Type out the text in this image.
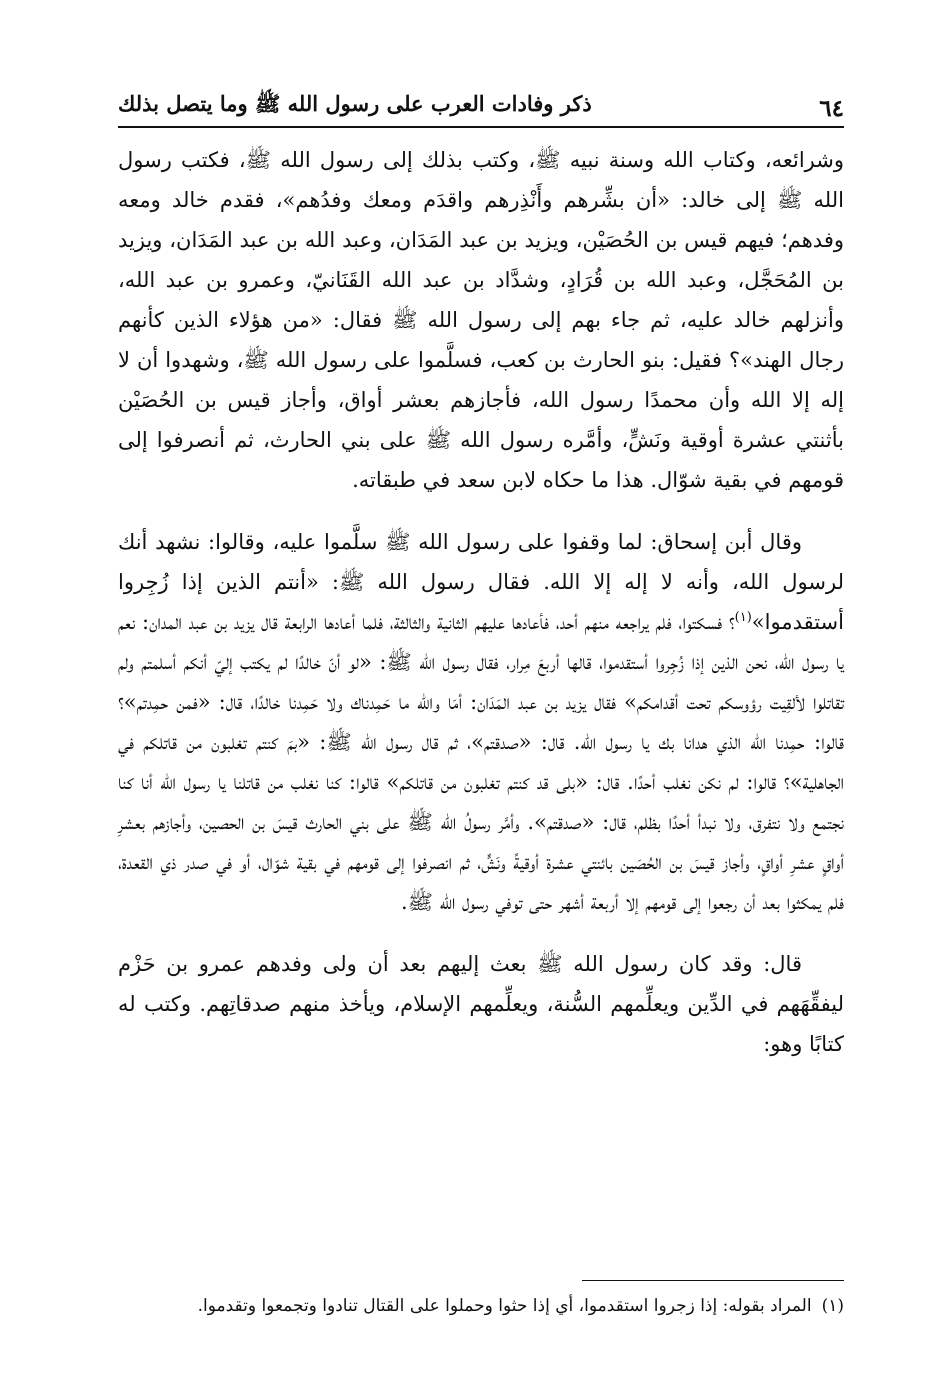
٦٤
ذكر وفادات العرب على رسول الله ﷺ وما يتصل بذلك

وشرائعه، وكتاب الله وسنة نبيه ﷺ، وكتب بذلك إلى رسول الله ﷺ، فكتب رسول الله ﷺ إلى خالد: «أن بشِّرهم وأَنْذِرهم واقدَم ومعك وفدُهم»، فقدم خالد ومعه وفدهم؛ فيهم قيس بن الحُصَيْن، ويزيد بن عبد المَدَان، وعبد الله بن عبد المَدَان، ويزيد بن المُحَجَّل، وعبد الله بن قُرَادٍ، وشدَّاد بن عبد الله القَنَانيّ، وعمرو بن عبد الله، وأنزلهم خالد عليه، ثم جاء بهم إلى رسول الله ﷺ فقال: «من هؤلاء الذين كأنهم رجال الهند»؟ فقيل: بنو الحارث بن كعب، فسلَّموا على رسول الله ﷺ، وشهدوا أن لا إله إلا الله وأن محمدًا رسول الله، فأجازهم بعشر أواق، وأجاز قيس بن الحُصَيْن بأثنتي عشرة أوقية ونَشٍّ، وأمَّره رسول الله ﷺ على بني الحارث، ثم أنصرفوا إلى قومهم في بقية شوّال. هذا ما حكاه لابن سعد في طبقاته.

وقال أبن إسحاق: لما وقفوا على رسول الله ﷺ سلَّموا عليه، وقالوا: نشهد أنك لرسول الله، وأنه لا إله إلا الله. فقال رسول الله ﷺ: «أنتم الذين إذا زُجِروا أستقدموا»$^{(١)}$؟ فسكتوا، فلم يراجعه منهم أحد، فأعادها عليهم الثانية والثالثة، فلما أعادها الرابعة قال يزيد بن عبد المدان: نعم يا رسول الله، نحن الذين إذا زُجِروا أستقدموا، قالها أربعَ مِرار، فقال رسول الله ﷺ: «لو أنّ خالدًا لم يكتب إليّ أنكم أسلمتم ولم تقاتلوا لألقِيت رؤوسكم تحت أقدامكم» فقال يزيد بن عبد المَدَان: أمَا والله ما حَمِدناك ولا حَمِدنا خالدًا، قال: «فمن حمِدتم»؟ قالوا: حمِدنا الله الذي هدانا بك يا رسول الله. قال: «صدقتم»، ثم قال رسول الله ﷺ: «بمَ كنتم تغلبون من قاتلكم في الجاهلية»؟ قالوا: لم نكن نغلب أحدًا. قال: «بلى قد كنتم تغلبون من قاتلكم» قالوا: كنا نغلب من قاتلنا يا رسول الله أنا كنا نجتمع ولا نتفرق، ولا نبدأ أحدًا بظلم، قال: «صدقتم». وأمَّر رسولُ الله ﷺ على بني الحارث قيسَ بن الحصين، وأجازهم بعشرِ أواقٍ عشرِ أواقٍ، وأجاز قيسَ بن الحُصَين بائنتي عشرة أوقيةً ونَشٍّ، ثم انصرفوا إلى قومهم في بقية شوّال، أو في صدر ذي القعدة، فلم يمكثوا بعد أن رجعوا إلى قومهم إلا أربعة أشهر حتى توفي رسول الله ﷺ.

قال: وقد كان رسول الله ﷺ بعث إليهم بعد أن ولى وفدهم عمرو بن حَزْم ليفقِّهَهم في الدِّين ويعلِّمهم السُّنة، ويعلِّمهم الإسلام، ويأخذ منهم صدقاتِهم. وكتب له كتابًا وهو:

(١)المراد بقوله: إذا زجروا استقدموا، أي إذا حثوا وحملوا على القتال تنادوا وتجمعوا وتقدموا.
